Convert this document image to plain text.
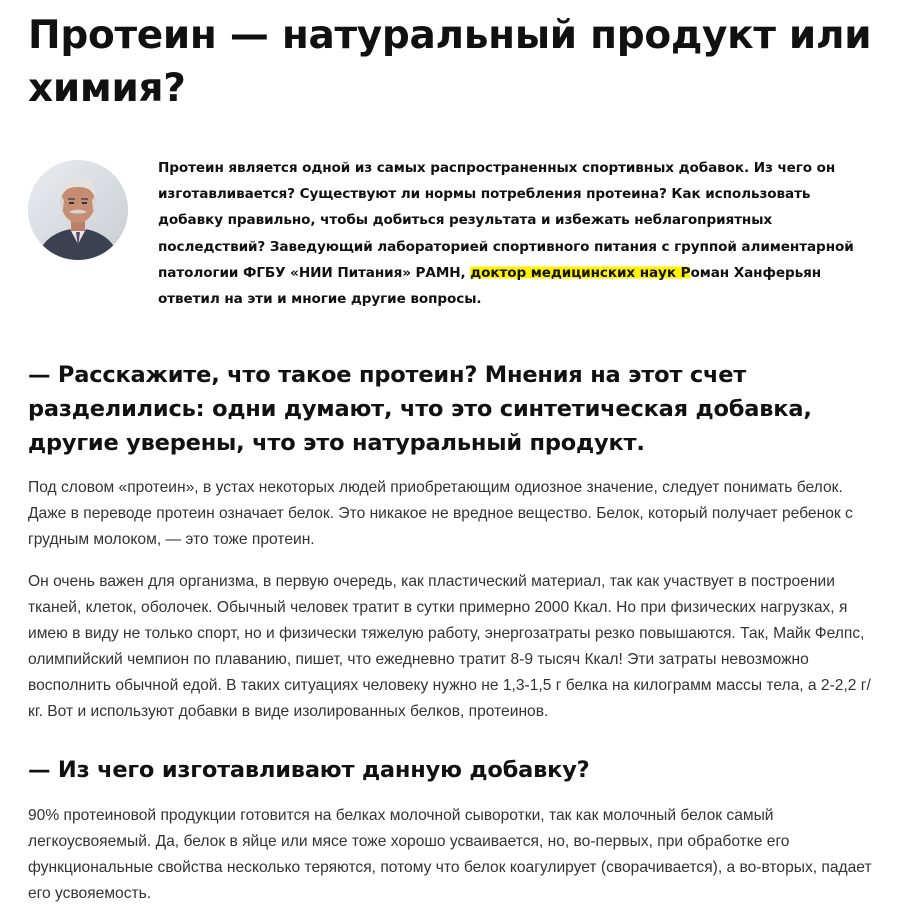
Протеин — натуральный продукт или химия?

Протеин является одной из самых распространенных спортивных добавок. Из чего он изготавливается? Существуют ли нормы потребления протеина? Как использовать добавку правильно, чтобы добиться результата и избежать неблагоприятных последствий? Заведующий лабораторией спортивного питания с группой алиментарной патологии ФГБУ «НИИ Питания» РАМН, доктор медицинских наук Роман Ханферьян ответил на эти и многие другие вопросы.

— Расскажите, что такое протеин? Мнения на этот счет разделились: одни думают, что это синтетическая добавка, другие уверены, что это натуральный продукт.

Под словом «протеин», в устах некоторых людей приобретающим одиозное значение, следует понимать белок. Даже в переводе протеин означает белок. Это никакое не вредное вещество. Белок, который получает ребенок с грудным молоком, — это тоже протеин.

Он очень важен для организма, в первую очередь, как пластический материал, так как участвует в построении тканей, клеток, оболочек. Обычный человек тратит в сутки примерно 2000 Ккал. Но при физических нагрузках, я имею в виду не только спорт, но и физически тяжелую работу, энергозатраты резко повышаются. Так, Майк Фелпс, олимпийский чемпион по плаванию, пишет, что ежедневно тратит 8-9 тысяч Ккал! Эти затраты невозможно восполнить обычной едой. В таких ситуациях человеку нужно не 1,3-1,5 г белка на килограмм массы тела, а 2-2,2 г/кг. Вот и используют добавки в виде изолированных белков, протеинов.

— Из чего изготавливают данную добавку?

90% протеиновой продукции готовится на белках молочной сыворотки, так как молочный белок самый легкоусвояемый. Да, белок в яйце или мясе тоже хорошо усваивается, но, во-первых, при обработке его функциональные свойства несколько теряются, потому что белок коагулирует (сворачивается), а во-вторых, падает его усвояемость.
